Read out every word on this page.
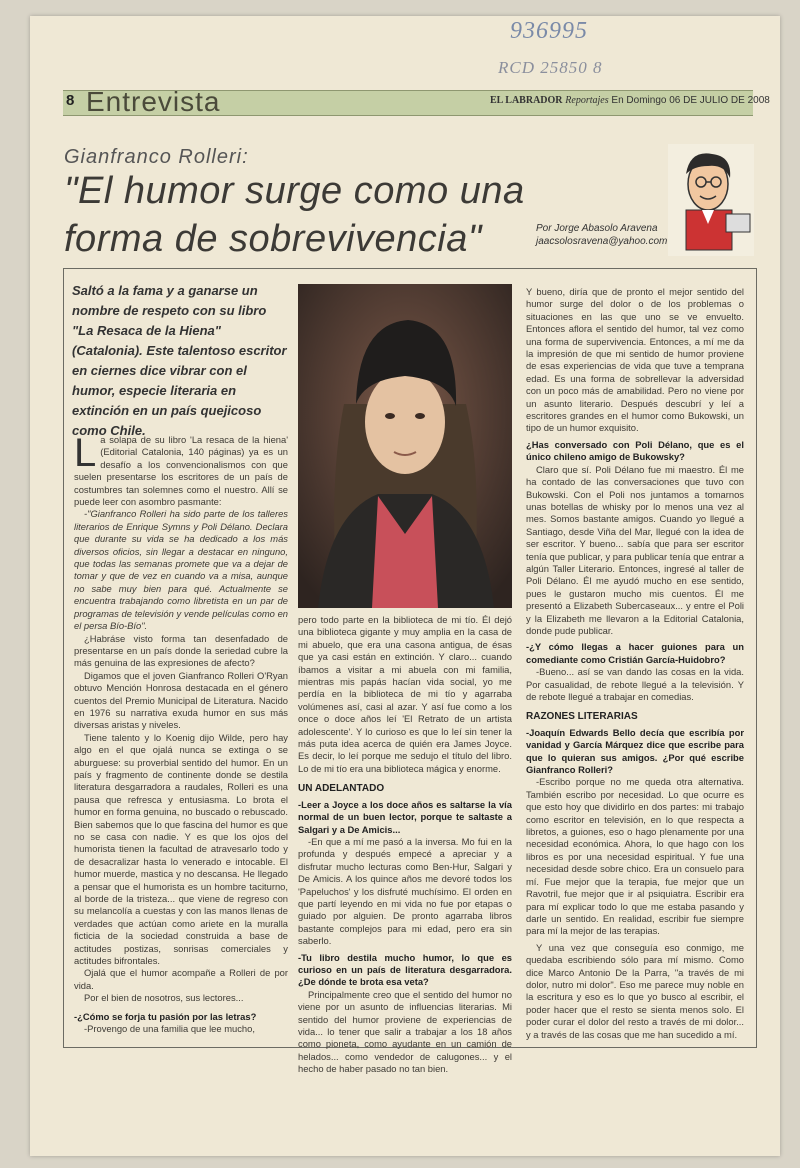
936995
RCD 25850 8
8 Entrevista	EL LABRADOR Reportajes En Domingo 06 DE JULIO DE 2008
Gianfranco Rolleri:
"El humor surge como una
forma de sobrevivencia"	Por Jorge Abasolo Aravena
jaacsolosravena@yahoo.com
Saltó a la fama y a ganarse un nombre de respeto con su libro "La Resaca de la Hiena" (Catalonia). Este talentoso escritor en ciernes dice vibrar con el humor, especie literaria en extinción en un país quejicoso como Chile.

La solapa de su libro 'La resaca de la hiena' (Editorial Catalonia, 140 páginas) ya es un desafío a los convencionalismos con que suelen presentarse los escritores de un país de costumbres tan solemnes como el nuestro. Allí se puede leer con asombro pasmante:

-"Gianfranco Rolleri ha sido parte de los talleres literarios de Enrique Symns y Poli Délano. Declara que durante su vida se ha dedicado a los más diversos oficios, sin llegar a destacar en ninguno, que todas las semanas promete que va a dejar de tomar y que de vez en cuando va a misa, aunque no sabe muy bien para qué. Actualmente se encuentra trabajando como libretista en un par de programas de televisión y vende películas como en el persa Bío-Bío".

¿Habráse visto forma tan desenfadado de presentarse en un país donde la seriedad cubre la más genuina de las expresiones de afecto?

Digamos que el joven Gianfranco Rolleri O'Ryan obtuvo Mención Honrosa destacada en el género cuentos del Premio Municipal de Literatura. Nacido en 1976 su narrativa exuda humor en sus más diversas aristas y niveles.

Tiene talento y lo Koenig dijo Wilde, pero hay algo en el que ojalá nunca se extinga o se aburguese: su proverbial sentido del humor. En un país y fragmento de continente donde se destila literatura desgarradora a raudales, Rolleri es una pausa que refresca y entusiasma. Lo brota el humor en forma genuina, no buscado o rebuscado. Bien sabemos que lo que fascina del humor es que no se casa con nadie. Y es que los ojos del humorista tienen la facultad de atravesarlo todo y de desacralizar hasta lo venerado e intocable. El humor muerde, mastica y no descansa. He llegado a pensar que el humorista es un hombre taciturno, al borde de la tristeza... que viene de regreso con su melancolía a cuestas y con las manos llenas de verdades que actúan como ariete en la muralla ficticia de la sociedad construida a base de actitudes postizas, sonrisas comerciales y actitudes bifrontales.

Ojalá que el humor acompañe a Rolleri de por vida.

Por el bien de nosotros, sus lectores...

-¿Cómo se forja tu pasión por las letras?

-Provengo de una familia que lee mucho,

pero todo parte en la biblioteca de mi tío. Él dejó una biblioteca gigante y muy amplia en la casa de mi abuelo, que era una casona antigua, de ésas que ya casi están en extinción. Y claro... cuando íbamos a visitar a mi abuela con mi familia, mientras mis papás hacían vida social, yo me perdía en la biblioteca de mi tío y agarraba volúmenes así, casi al azar. Y así fue como a los once o doce años leí 'El Retrato de un artista adolescente'. Y lo curioso es que lo leí sin tener la más puta idea acerca de quién era James Joyce. Es decir, lo leí porque me sedujo el título del libro. Lo de mi tío era una biblioteca mágica y enorme.

UN ADELANTADO

-Leer a Joyce a los doce años es saltarse la vía normal de un buen lector, porque te saltaste a Salgari y a De Amicis...

-En que a mí me pasó a la inversa. Mo fui en la profunda y después empecé a apreciar y a disfrutar mucho lecturas como Ben-Hur, Salgari y De Amicis. A los quince años me devoré todos los 'Papeluchos' y los disfruté muchísimo. El orden en que partí leyendo en mi vida no fue por etapas o guiado por alguien. De pronto agarraba libros bastante complejos para mi edad, pero era sin saberlo.

-Tu libro destila mucho humor, lo que es curioso en un país de literatura desgarradora. ¿De dónde te brota esa veta?

Principalmente creo que el sentido del humor no viene por un asunto de influencias literarias. Mi sentido del humor proviene de experiencias de vida... lo tener que salir a trabajar a los 18 años como pioneta, como ayudante en un camión de helados... como vendedor de calugones... y el hecho de haber pasado no tan bien.

Y bueno, diría que de pronto el mejor sentido del humor surge del dolor o de los problemas o situaciones en las que uno se ve envuelto. Entonces aflora el sentido del humor, tal vez como una forma de supervivencia. Entonces, a mí me da la impresión de que mi sentido de humor proviene de esas experiencias de vida que tuve a temprana edad. Es una forma de sobrellevar la adversidad con un poco más de amabilidad. Pero no viene por un asunto literario. Después descubrí y leí a escritores grandes en el humor como Bukowski, un tipo de un humor exquisito.

¿Has conversado con Poli Délano, que es el único chileno amigo de Bukowsky?

Claro que sí. Poli Délano fue mi maestro. Él me ha contado de las conversaciones que tuvo con Bukowski. Con el Poli nos juntamos a tomarnos unas botellas de whisky por lo menos una vez al mes. Somos bastante amigos. Cuando yo llegué a Santiago, desde Viña del Mar, llegué con la idea de ser escritor. Y bueno... sabía que para ser escritor tenía que publicar, y para publicar tenía que entrar a algún Taller Literario. Entonces, ingresé al taller de Poli Délano. Él me ayudó mucho en ese sentido, pues le gustaron mucho mis cuentos. Él me presentó a Elizabeth Subercaseaux... y entre el Poli y la Elizabeth me llevaron a la Editorial Catalonia, donde pude publicar.

-¿Y cómo llegas a hacer guiones para un comediante como Cristián García-Huidobro?

-Bueno... así se van dando las cosas en la vida. Por casualidad, de rebote llegué a la televisión. Y de rebote llegué a trabajar en comedias.

RAZONES LITERARIAS

-Joaquín Edwards Bello decía que escribía por vanidad y García Márquez dice que escribe para que lo quieran sus amigos. ¿Por qué escribe Gianfranco Rolleri?

-Escribo porque no me queda otra alternativa. También escribo por necesidad. Lo que ocurre es que esto hoy que dividirlo en dos partes: mi trabajo como escritor en televisión, en lo que respecta a libretos, a guiones, eso o hago plenamente por una necesidad económica. Ahora, lo que hago con los libros es por una necesidad espiritual. Y fue una necesidad desde sobre chico. Era un consuelo para mí. Fue mejor que la terapia, fue mejor que un Ravotril, fue mejor que ir al psiquiatra. Escribir era para mí explicar todo lo que me estaba pasando y darle un sentido. En realidad, escribir fue siempre para mí la mejor de las terapias.

Y una vez que conseguía eso conmigo, me quedaba escribiendo sólo para mí mismo. Como dice Marco Antonio De la Parra, "a través de mi dolor, nutro mi dolor". Eso me parece muy noble en la escritura y eso es lo que yo busco al escribir, el poder hacer que el resto se sienta menos solo. El poder curar el dolor del resto a través de mi dolor... y a través de las cosas que me han sucedido a mí.
